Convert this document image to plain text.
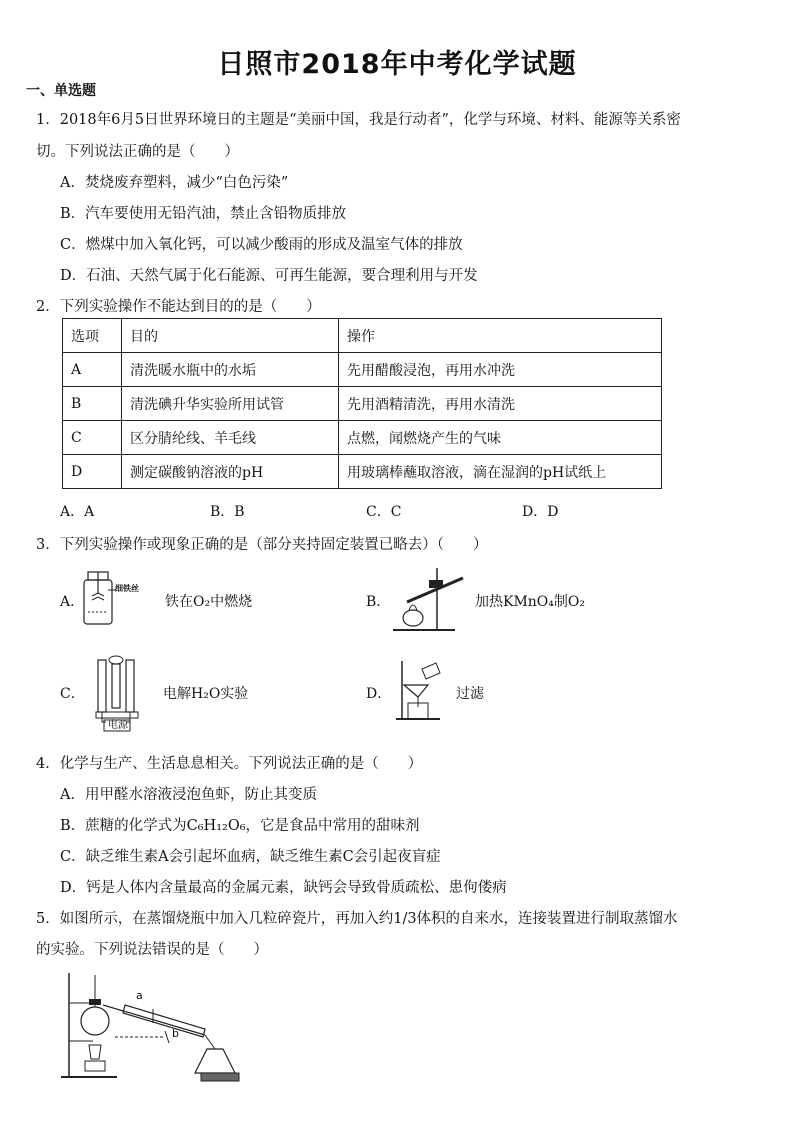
日照市2018年中考化学试题
一、单选题
1．2018年6月5日世界环境日的主题是“美丽中国，我是行动者”，化学与环境、材料、能源等关系密
切。下列说法正确的是（　　）
A．焚烧废弃塑料，减少“白色污染”
B．汽车要使用无铅汽油，禁止含铅物质排放
C．燃煤中加入氧化钙，可以减少酸雨的形成及温室气体的排放
D．石油、天然气属于化石能源、可再生能源，要合理利用与开发
2．下列实验操作不能达到目的的是（　　）
选项	目的	操作
A	清洗暖水瓶中的水垢	先用醋酸浸泡，再用水冲洗
B	清洗碘升华实验所用试管	先用酒精清洗，再用水清洗
C	区分腈纶线、羊毛线	点燃，闻燃烧产生的气味
D	测定碳酸钠溶液的pH	用玻璃棒蘸取溶液，滴在湿润的pH试纸上
A．A	B．B	C．C	D．D
3．下列实验操作或现象正确的是（部分夹持固定装置已略去）（　　）
A．
细铁丝
铁在O₂中燃烧	B．	加热KMnO₄制O₂
C．
电源
电解H₂O实验	D．	过滤
4．化学与生产、生活息息相关。下列说法正确的是（　　）
A．用甲醛水溶液浸泡鱼虾，防止其变质
B．蔗糖的化学式为C₆H₁₂O₆，它是食品中常用的甜味剂
C．缺乏维生素A会引起坏血病，缺乏维生素C会引起夜盲症
D．钙是人体内含量最高的金属元素，缺钙会导致骨质疏松、患佝偻病
5．如图所示，在蒸馏烧瓶中加入几粒碎瓷片，再加入约1/3体积的自来水，连接装置进行制取蒸馏水
的实验。下列说法错误的是（　　）
a
b
